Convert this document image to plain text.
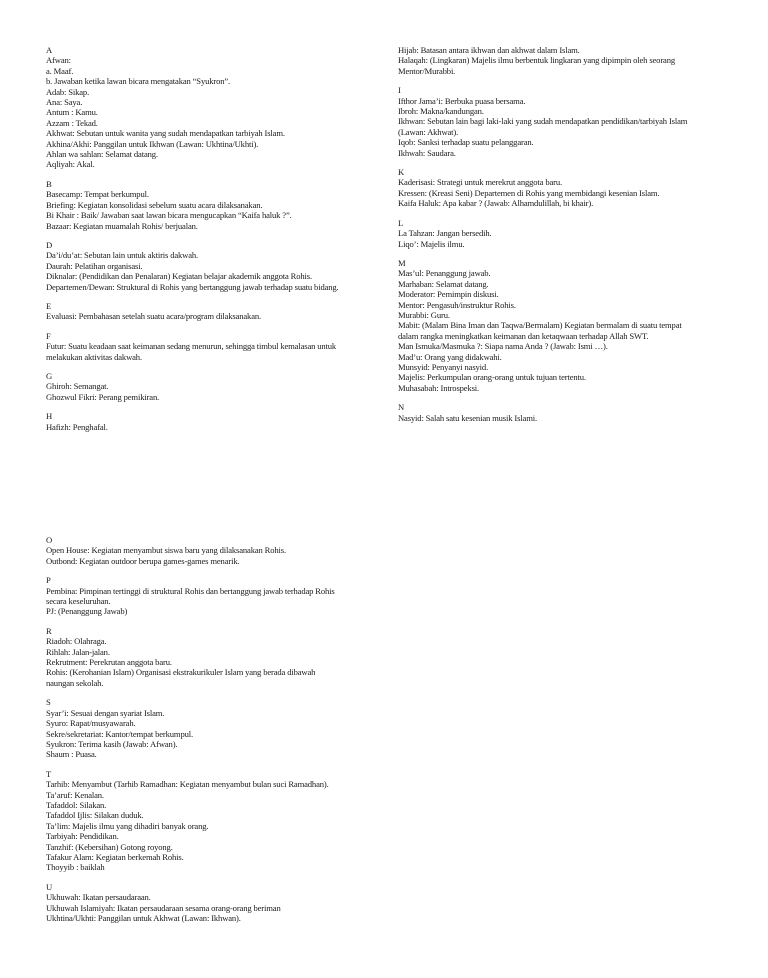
A
Afwan:
a. Maaf.
b. Jawaban ketika lawan bicara mengatakan “Syukron”.
Adab: Sikap.
Ana: Saya.
Antum : Kamu.
Azzam : Tekad.
Akhwat: Sebutan untuk wanita yang sudah mendapatkan tarbiyah Islam.
Akhina/Akhi: Panggilan untuk Ikhwan (Lawan: Ukhtina/Ukhti).
Ahlan wa sahlan: Selamat datang.
Aqliyah: Akal.
B
Basecamp: Tempat berkumpul.
Briefing: Kegiatan konsolidasi sebelum suatu acara dilaksanakan.
Bi Khair : Baik/ Jawaban saat lawan bicara mengucapkan “Kaifa haluk ?”.
Bazaar: Kegiatan muamalah Rohis/ berjualan.
D
Da’i/du’at: Sebutan lain untuk aktiris dakwah.
Daurah: Pelatihan organisasi.
Diknalar: (Pendidikan dan Penalaran) Kegiatan belajar akademik anggota Rohis.
Departemen/Dewan: Struktural di Rohis yang bertanggung jawab terhadap suatu bidang.
E
Evaluasi: Pembahasan setelah suatu acara/program dilaksanakan.
F
Futur: Suatu keadaan saat keimanan sedang menurun, sehingga timbul kemalasan untuk
melakukan aktivitas dakwah.
G
Ghiroh: Semangat.
Ghozwul Fikri: Perang pemikiran.
H
Hafizh: Penghafal.
O
Open House: Kegiatan menyambut siswa baru yang dilaksanakan Rohis.
Outbond: Kegiatan outdoor berupa games-games menarik.
P
Pembina: Pimpinan tertinggi di struktural Rohis dan bertanggung jawab terhadap Rohis
secara keseluruhan.
PJ: (Penanggung Jawab)
R
Riadoh: Olahraga.
Rihlah: Jalan-jalan.
Rekrutment: Perekrutan anggota baru.
Rohis: (Kerohanian Islam) Organisasi ekstrakurikuler Islam yang berada dibawah
naungan sekolah.
S
Syar’i: Sesuai dengan syariat Islam.
Syuro: Rapat/musyawarah.
Sekre/sekretariat: Kantor/tempat berkumpul.
Syukron: Terima kasih (Jawab: Afwan).
Shaum : Puasa.
T
Tarhib: Menyambut (Tarhib Ramadhan: Kegiatan menyambut bulan suci Ramadhan).
Ta’aruf: Kenalan.
Tafaddol: Silakan.
Tafaddol Ijlis: Silakan duduk.
Ta’lim: Majelis ilmu yang dihadiri banyak orang.
Tarbiyah: Pendidikan.
Tanzhif: (Kebersihan) Gotong royong.
Tafakur Alam: Kegiatan berkemah Rohis.
Thoyyib : baiklah
U
Ukhuwah: Ikatan persaudaraan.
Ukhuwah Islamiyah: Ikatan persaudaraan sesama orang-orang beriman
Ukhtina/Ukhti: Panggilan untuk Akhwat (Lawan: Ikhwan).
Hijab: Batasan antara ikhwan dan akhwat dalam Islam.
Halaqah: (Lingkaran) Majelis ilmu berbentuk lingkaran yang dipimpin oleh seorang
Mentor/Murabbi.
I
Ifthor Jama’i: Berbuka puasa bersama.
Ibroh: Makna/kandungan.
Ikhwan: Sebutan lain bagi laki-laki yang sudah mendapatkan pendidikan/tarbiyah Islam
(Lawan: Akhwat).
Iqob: Sanksi terhadap suatu pelanggaran.
Ikhwah: Saudara.
K
Kaderisasi: Strategi untuk merekrut anggota baru.
Kressen: (Kreasi Seni) Departemen di Rohis yang membidangi kesenian Islam.
Kaifa Haluk: Apa kabar ? (Jawab: Alhamdulillah, bi khair).
L
La Tahzan: Jangan bersedih.
Liqo’: Majelis ilmu.
M
Mas’ul: Penanggung jawab.
Marhaban: Selamat datang.
Moderator: Pemimpin diskusi.
Mentor: Pengasuh/instruktur Rohis.
Murabbi: Guru.
Mabit: (Malam Bina Iman dan Taqwa/Bermalam) Kegiatan bermalam di suatu tempat
dalam rangka meningkatkan keimanan dan ketaqwaan terhadap Allah SWT.
Man Ismuka/Masmuka ?: Siapa nama Anda ? (Jawab: Ismi …).
Mad’u: Orang yang didakwahi.
Munsyid: Penyanyi nasyid.
Majelis: Perkumpulan orang-orang untuk tujuan tertentu.
Muhasabah: Introspeksi.
N
Nasyid: Salah satu kesenian musik Islami.
